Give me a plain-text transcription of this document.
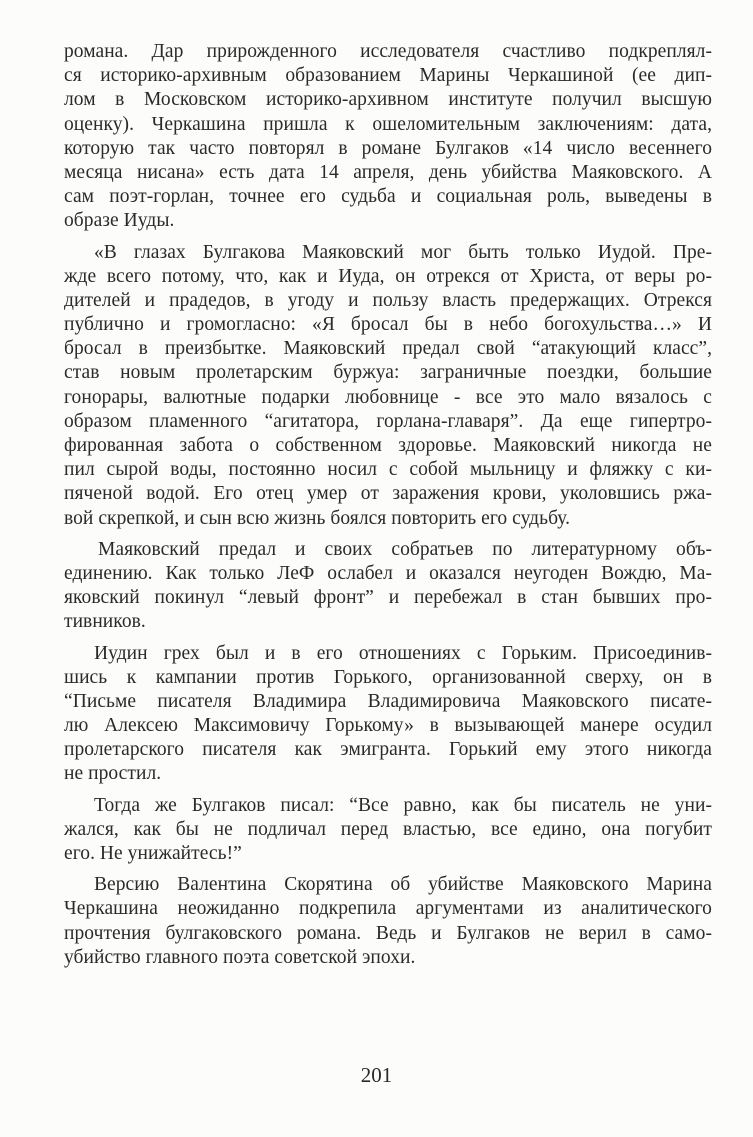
романа. Дар прирожденного исследователя счастливо подкреплял-
ся историко-архивным образованием Марины Черкашиной (ее дип-
лом в Московском историко-архивном институте получил высшую
оценку). Черкашина пришла к ошеломительным заключениям: дата,
которую так часто повторял в романе Булгаков «14 число весеннего
месяца нисана» есть дата 14 апреля, день убийства Маяковского. А
сам поэт-горлан, точнее его судьба и социальная роль, выведены в
образе Иуды.
«В глазах Булгакова Маяковский мог быть только Иудой. Пре-
жде всего потому, что, как и Иуда, он отрекся от Христа, от веры ро-
дителей и прадедов, в угоду и пользу власть предержащих. Отрекся
публично и громогласно: «Я бросал бы в небо богохульства…» И
бросал в преизбытке. Маяковский предал свой “атакующий класс”,
став новым пролетарским буржуа: заграничные поездки, большие
гонорары, валютные подарки любовнице - все это мало вязалось с
образом пламенного “агитатора, горлана-главаря”. Да еще гипертро-
фированная забота о собственном здоровье. Маяковский никогда не
пил сырой воды, постоянно носил с собой мыльницу и фляжку с ки-
пяченой водой. Его отец умер от заражения крови, уколовшись ржа-
вой скрепкой, и сын всю жизнь боялся повторить его судьбу.
Маяковский предал и своих собратьев по литературному объ-
единению. Как только ЛеФ ослабел и оказался неугоден Вождю, Ма-
яковский покинул “левый фронт” и перебежал в стан бывших про-
тивников.
Иудин грех был и в его отношениях с Горьким. Присоединив-
шись к кампании против Горького, организованной сверху, он в
“Письме писателя Владимира Владимировича Маяковского писате-
лю Алексею Максимовичу Горькому» в вызывающей манере осудил
пролетарского писателя как эмигранта. Горький ему этого никогда
не простил.
Тогда же Булгаков писал: “Все равно, как бы писатель не уни-
жался, как бы не подличал перед властью, все едино, она погубит
его. Не унижайтесь!”
Версию Валентина Скорятина об убийстве Маяковского Марина
Черкашина неожиданно подкрепила аргументами из аналитического
прочтения булгаковского романа. Ведь и Булгаков не верил в само-
убийство главного поэта советской эпохи.
201
